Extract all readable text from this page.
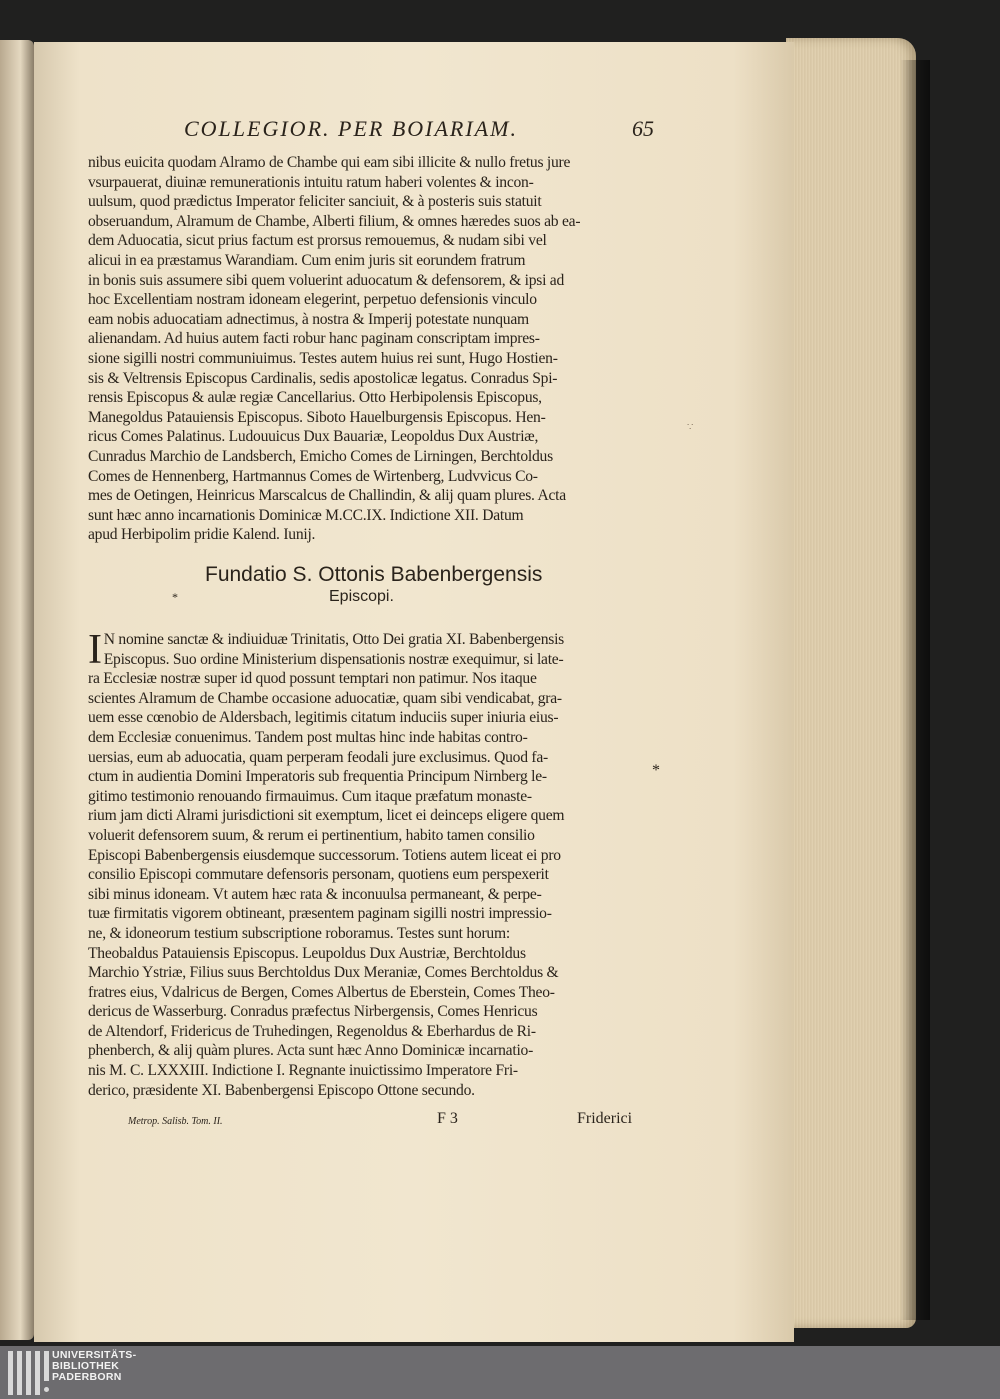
COLLEGIOR. PER BOIARIAM.	65
nibus euicita quodam Alramo de Chambe qui eam sibi illicite & nullo fretus jure
vsurpauerat, diuinæ remunerationis intuitu ratum haberi volentes & incon-
uulsum, quod prædictus Imperator feliciter sanciuit, & à posteris suis statuit
obseruandum, Alramum de Chambe, Alberti filium, & omnes hæredes suos ab ea-
dem Aduocatia, sicut prius factum est prorsus remouemus, & nudam sibi vel
alicui in ea præstamus Warandiam. Cum enim juris sit eorundem fratrum
in bonis suis assumere sibi quem voluerint aduocatum & defensorem, & ipsi ad
hoc Excellentiam nostram idoneam elegerint, perpetuo defensionis vinculo
eam nobis aduocatiam adnectimus, à nostra & Imperij potestate nunquam
alienandam. Ad huius autem facti robur hanc paginam conscriptam impres-
sione sigilli nostri communiuimus. Testes autem huius rei sunt, Hugo Hostien-
sis & Veltrensis Episcopus Cardinalis, sedis apostolicæ legatus. Conradus Spi-
rensis Episcopus & aulæ regiæ Cancellarius. Otto Herbipolensis Episcopus,
Manegoldus Patauiensis Episcopus. Siboto Hauelburgensis Episcopus. Hen-
ricus Comes Palatinus. Ludouuicus Dux Bauariæ, Leopoldus Dux Austriæ,
Cunradus Marchio de Landsberch, Emicho Comes de Lirningen, Berchtoldus
Comes de Hennenberg, Hartmannus Comes de Wirtenberg, Ludvvicus Co-
mes de Oetingen, Heinricus Marscalcus de Challindin, & alij quam plures. Acta
sunt hæc anno incarnationis Dominicæ M.CC.IX. Indictione XII. Datum
apud Herbipolim pridie Kalend. Iunij.
Fundatio S. Ottonis Babenbergensis
Episcopi.
*
I N nomine sanctæ & indiuiduæ Trinitatis, Otto Dei gratia XI. Babenbergensis
Episcopus. Suo ordine Ministerium dispensationis nostræ exequimur, si late-
ra Ecclesiæ nostræ super id quod possunt temptari non patimur. Nos itaque
scientes Alramum de Chambe occasione aduocatiæ, quam sibi vendicabat, gra-
uem esse cœnobio de Aldersbach, legitimis citatum induciis super iniuria eius-
dem Ecclesiæ conuenimus. Tandem post multas hinc inde habitas contro-
uersias, eum ab aduocatia, quam perperam feodali jure exclusimus. Quod fa-
ctum in audientia Domini Imperatoris sub frequentia Principum Nirnberg le-
gitimo testimonio renouando firmauimus. Cum itaque præfatum monaste-
rium jam dicti Alrami jurisdictioni sit exemptum, licet ei deinceps eligere quem
voluerit defensorem suum, & rerum ei pertinentium, habito tamen consilio
Episcopi Babenbergensis eiusdemque successorum. Totiens autem liceat ei pro
consilio Episcopi commutare defensoris personam, quotiens eum perspexerit
sibi minus idoneam. Vt autem hæc rata & inconuulsa permaneant, & perpe-
tuæ firmitatis vigorem obtineant, præsentem paginam sigilli nostri impressio-
ne, & idoneorum testium subscriptione roboramus. Testes sunt horum:
Theobaldus Patauiensis Episcopus. Leupoldus Dux Austriæ, Berchtoldus
Marchio Ystriæ, Filius suus Berchtoldus Dux Meraniæ, Comes Berchtoldus &
fratres eius, Vdalricus de Bergen, Comes Albertus de Eberstein, Comes Theo-
dericus de Wasserburg. Conradus præfectus Nirbergensis, Comes Henricus
de Altendorf, Fridericus de Truhedingen, Regenoldus & Eberhardus de Ri-
phenberch, & alij quàm plures. Acta sunt hæc Anno Dominicæ incarnatio-
nis M. C. LXXXIII. Indictione I. Regnante inuictissimo Imperatore Fri-
derico, præsidente XI. Babenbergensi Episcopo Ottone secundo.
*
∵
Metrop. Salisb. Tom. II.	F 3	Friderici
UNIVERSITÄTS-
BIBLIOTHEK
PADERBORN
